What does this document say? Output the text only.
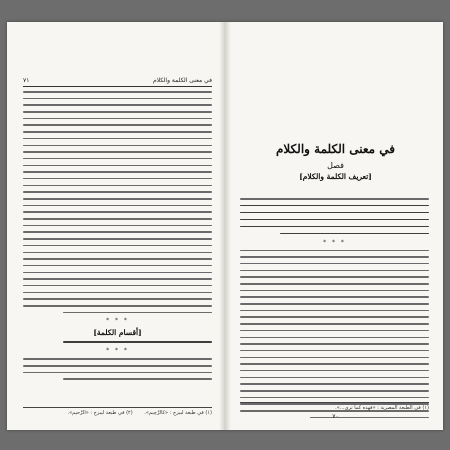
في معنى الكلمة والكلام
٧١
* * *
[أقسام الكلمة]
* * *
(١) في طبعة ليبزج : «كالرَّحِيم». (٢) في طبعة ليبزج : «الرَّحيم».
في معنى الكلمة والكلام
فصل
[تعريف الكلمة والكلام]
* * *
(١) في الطبعة المصرية : «فهذه كما ترى...».
٧٠
